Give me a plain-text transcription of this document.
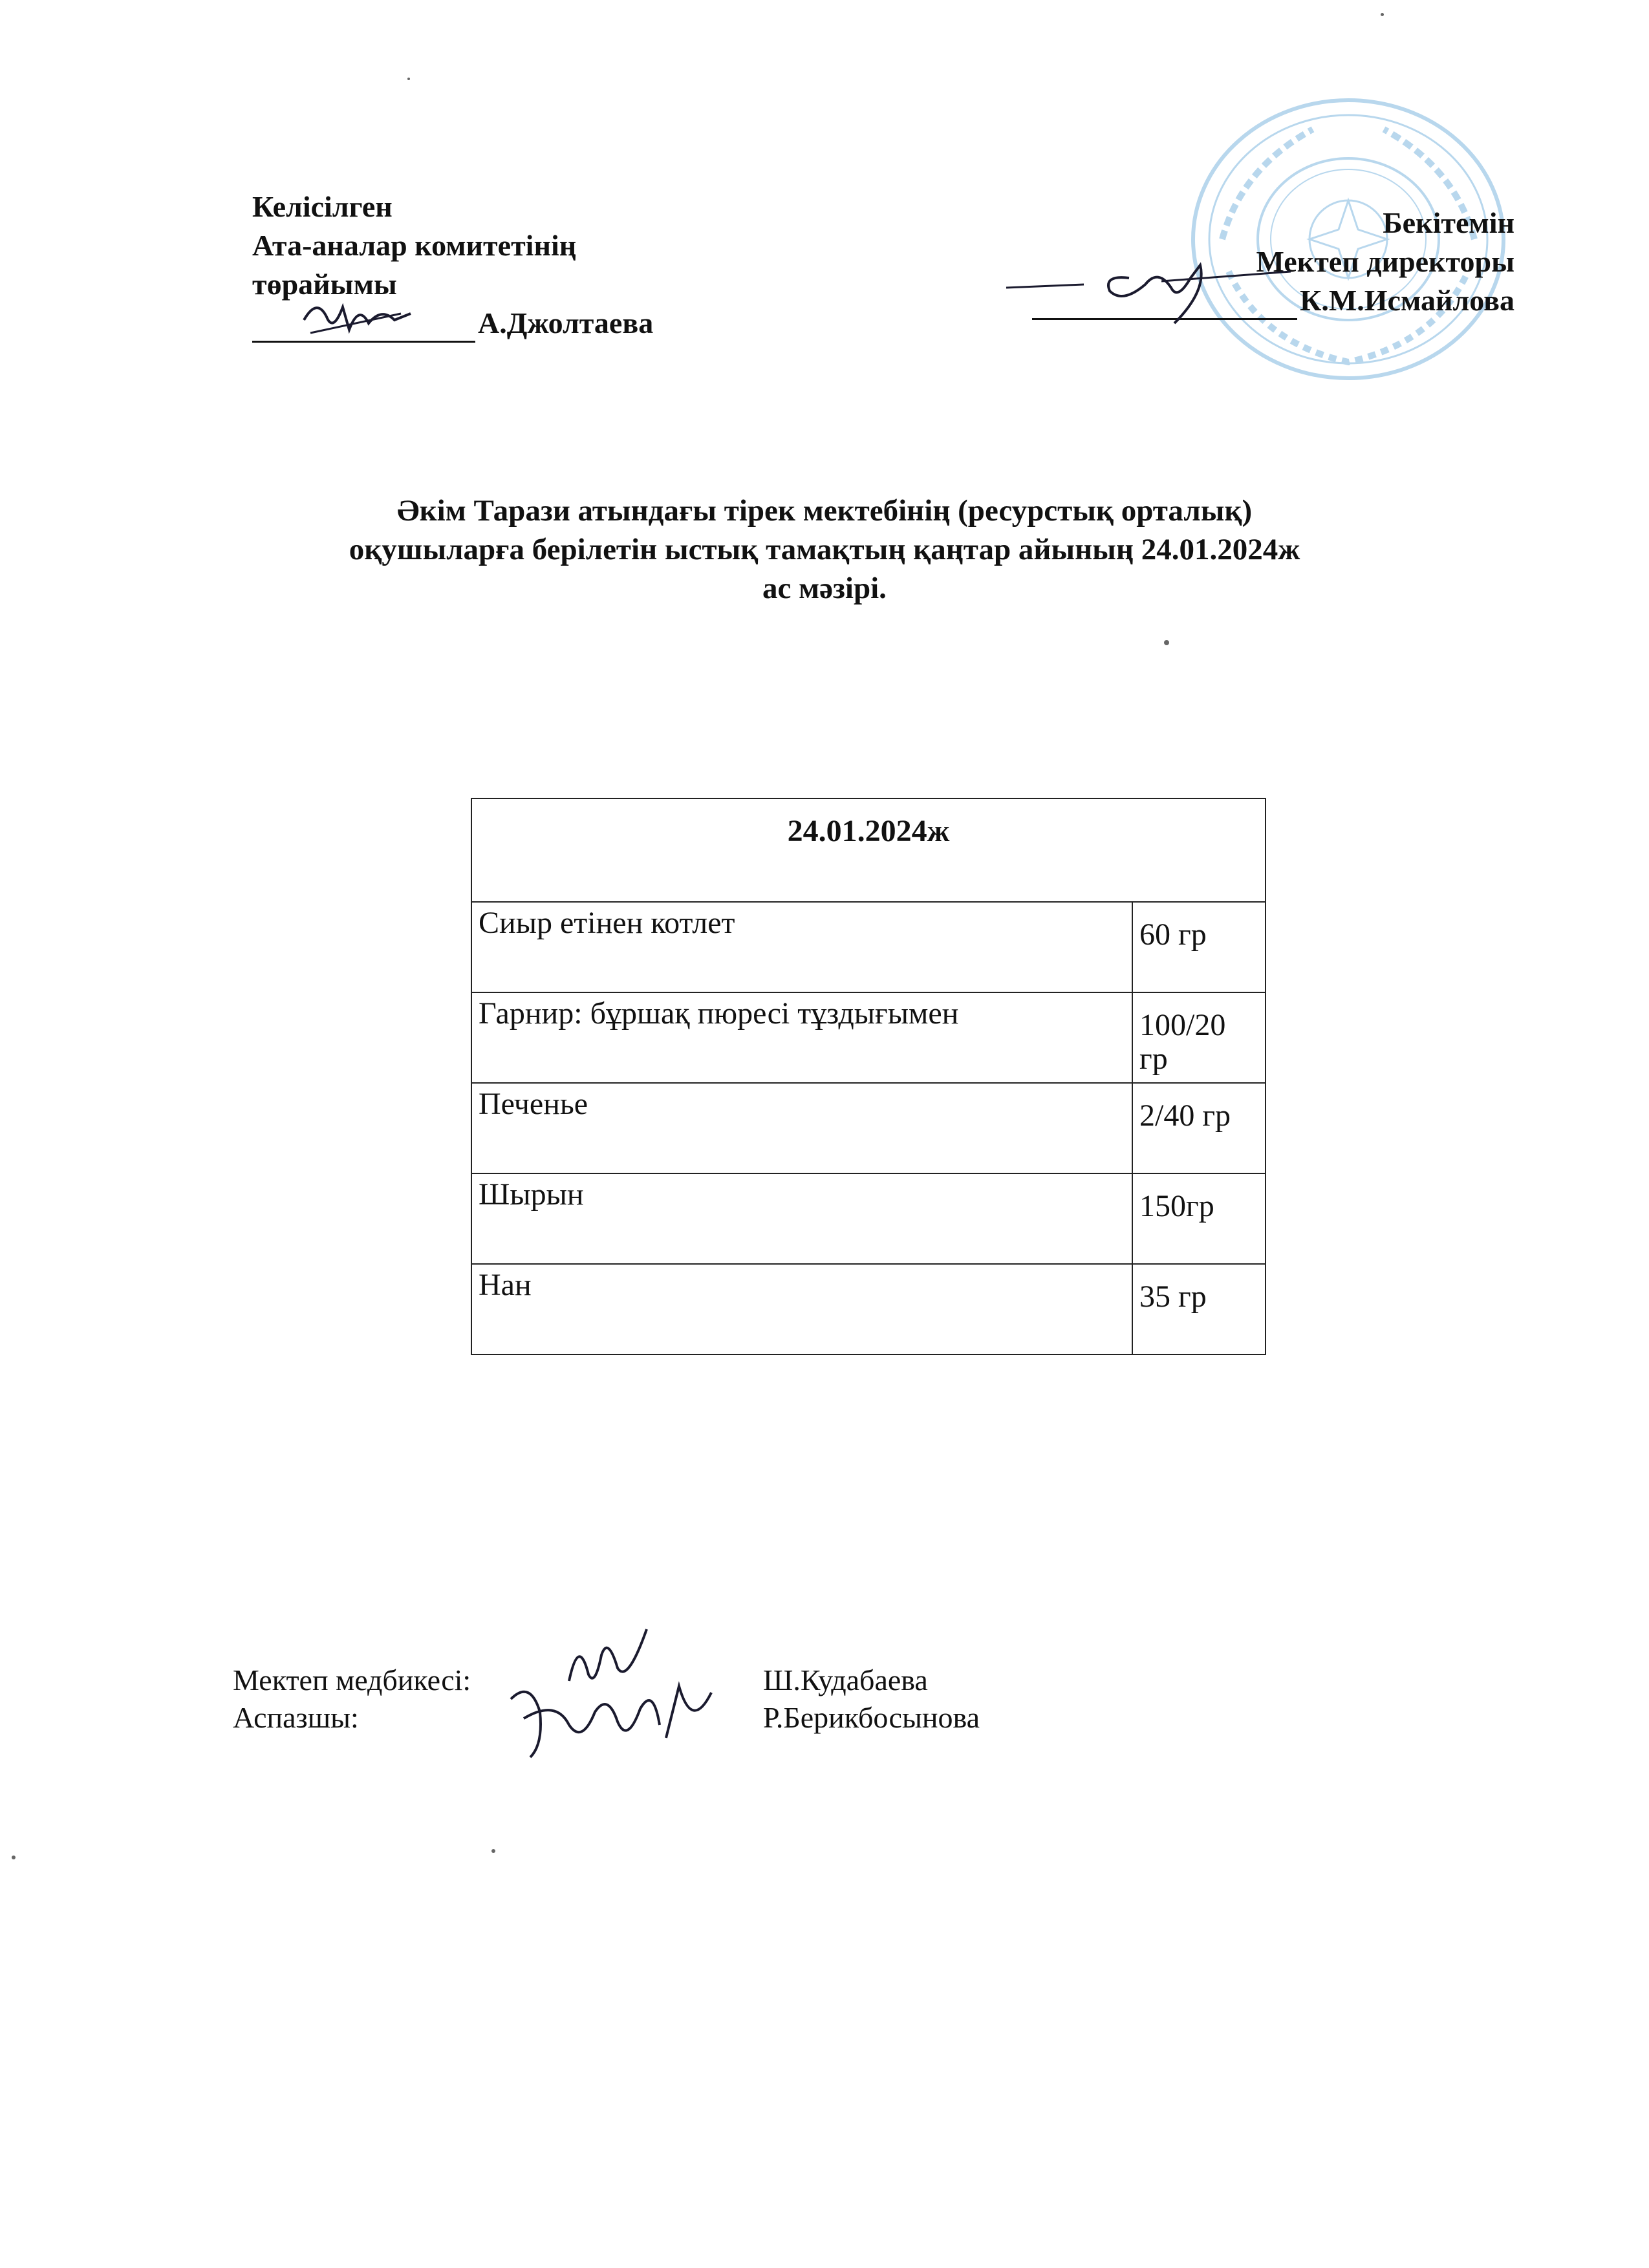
Келісілген
Ата-аналар комитетінің
төрайымы
А.Джолтаева
Бекітемін
Мектеп директоры
К.М.Исмайлова
Әкім Тарази атындағы тірек мектебінің (ресурстық орталық)
оқушыларға берілетін ыстық тамақтың қаңтар айының 24.01.2024ж
ас мәзірі.
24.01.2024ж	
Сиыр етінен котлет	60 гр
Гарнир: бұршақ пюресі тұздығымен	100/20 гр
Печенье	2/40 гр
Шырын	150гр
Нан	35 гр
Мектеп медбикесі:	Ш.Кудабаева
Аспазшы:	Р.Берикбосынова
